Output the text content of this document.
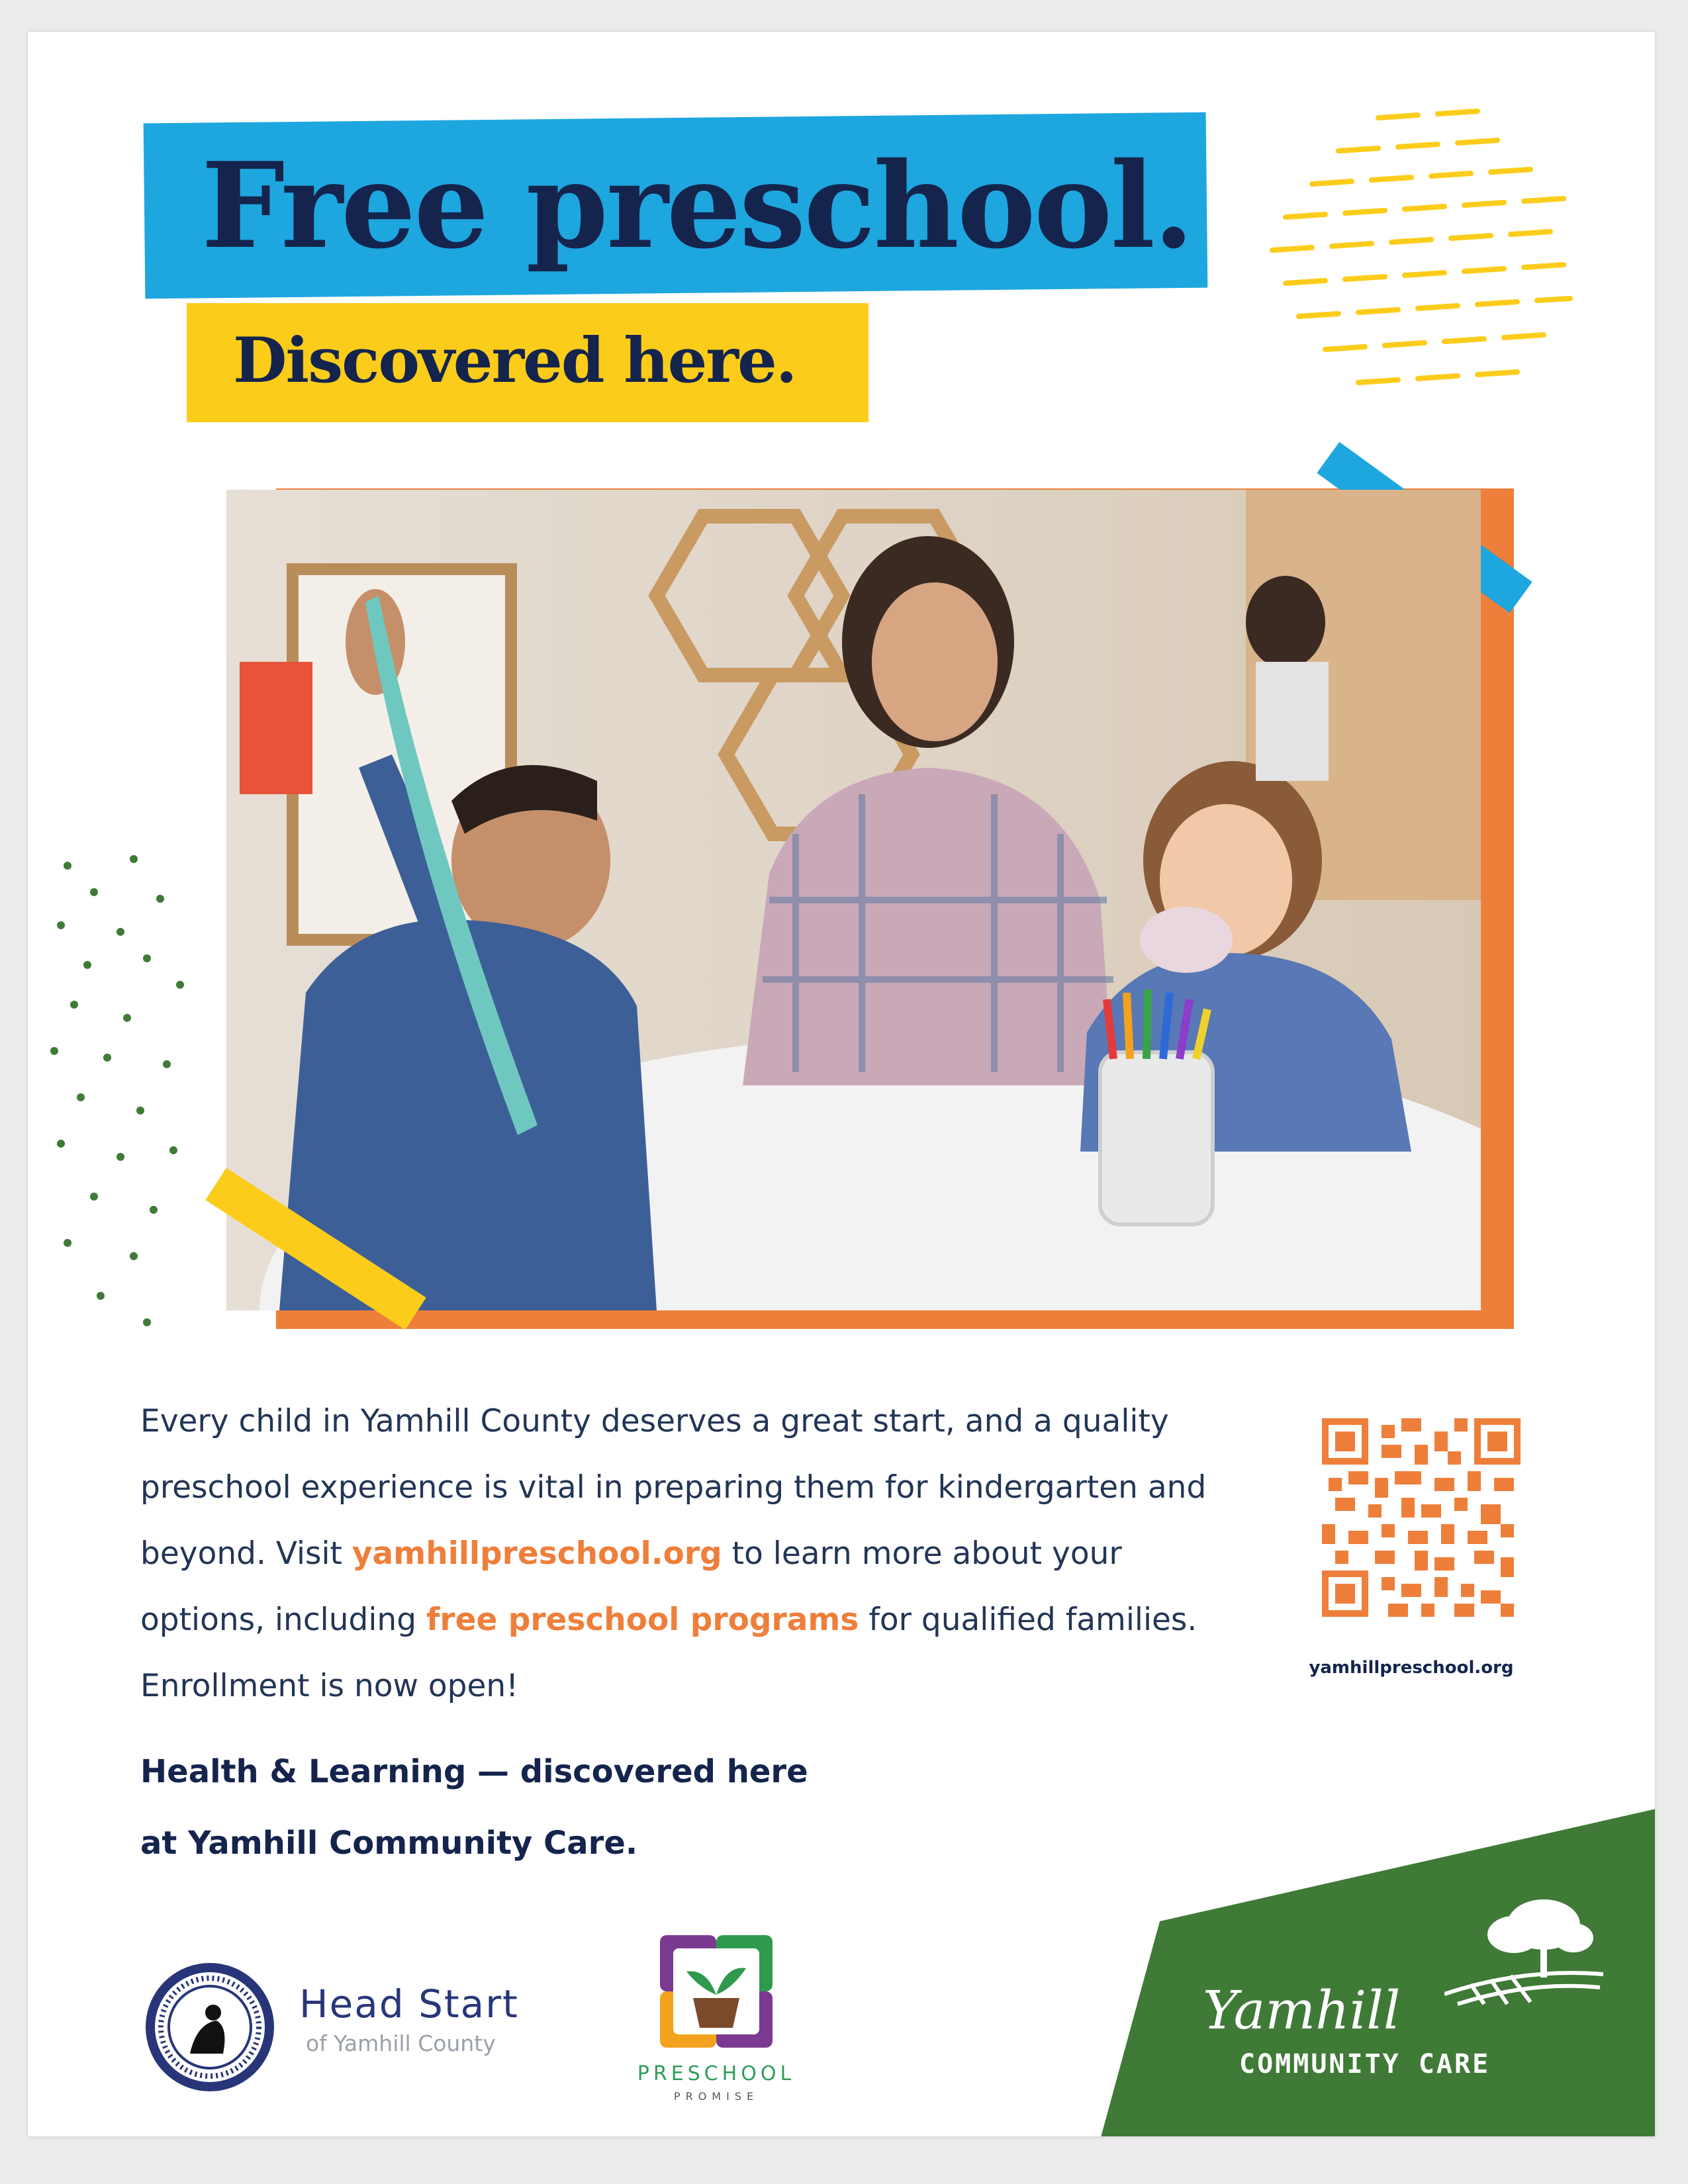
Free preschool.
Discovered here.
Every child in Yamhill County deserves a great start, and a quality preschool experience is vital in preparing them for kindergarten and beyond. Visit yamhillpreschool.org to learn more about your options, including free preschool programs for qualified families. Enrollment is now open!
Health & Learning — discovered here
at Yamhill Community Care.
yamhillpreschool.org
Head Start
of Yamhill County
PRESCHOOL
PROMISE
Yamhill
COMMUNITY CARE
